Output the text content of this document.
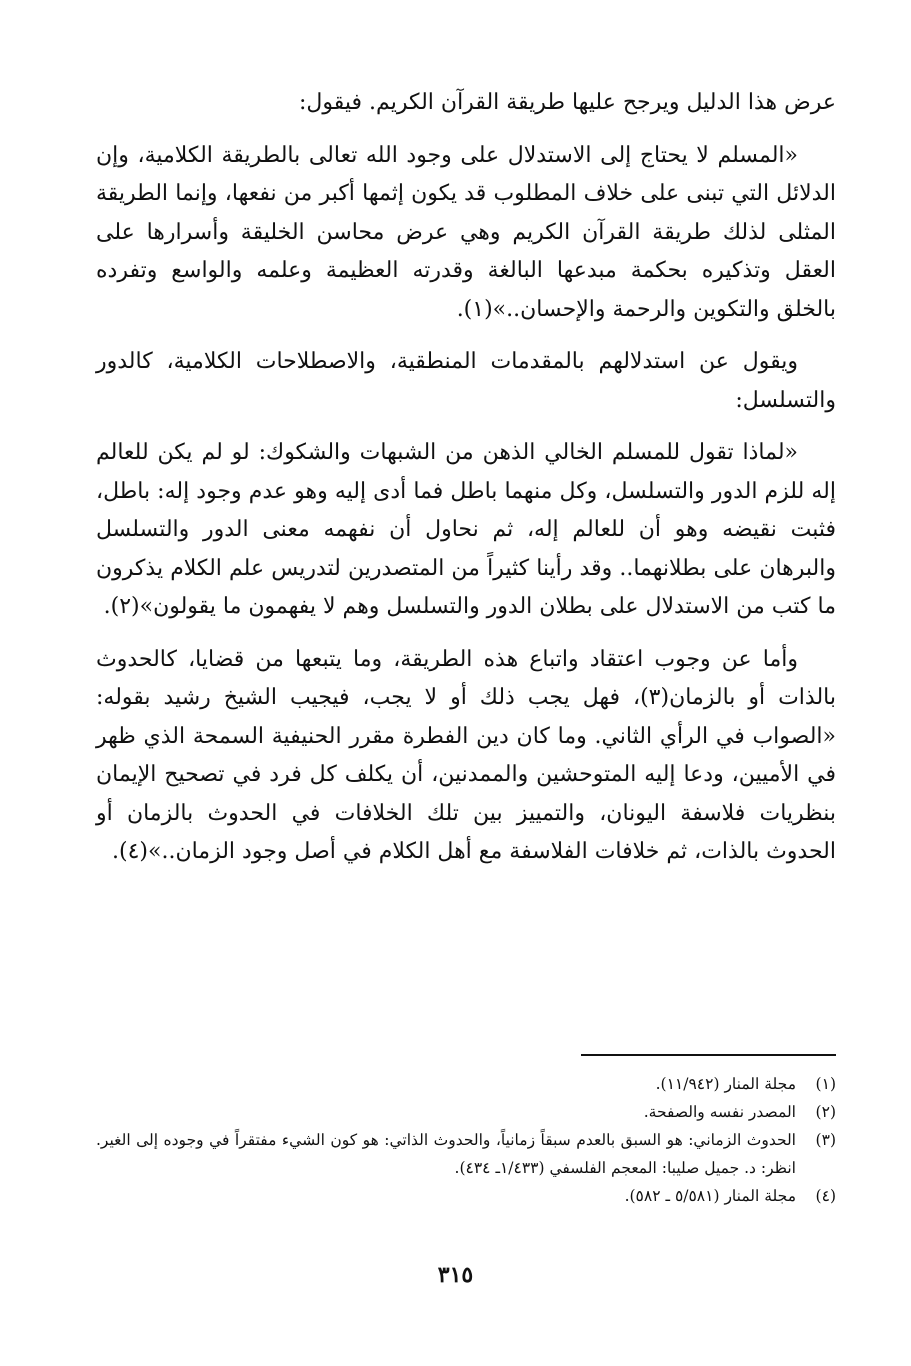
عرض هذا الدليل ويرجح عليها طريقة القرآن الكريم. فيقول:

«المسلم لا يحتاج إلى الاستدلال على وجود الله تعالى بالطريقة الكلامية، وإن الدلائل التي تبنى على خلاف المطلوب قد يكون إثمها أكبر من نفعها، وإنما الطريقة المثلى لذلك طريقة القرآن الكريم وهي عرض محاسن الخليقة وأسرارها على العقل وتذكيره بحكمة مبدعها البالغة وقدرته العظيمة وعلمه والواسع وتفرده بالخلق والتكوين والرحمة والإحسان..»(١).

ويقول عن استدلالهم بالمقدمات المنطقية، والاصطلاحات الكلامية، كالدور والتسلسل:

«لماذا تقول للمسلم الخالي الذهن من الشبهات والشكوك: لو لم يكن للعالم إله للزم الدور والتسلسل، وكل منهما باطل فما أدى إليه وهو عدم وجود إله: باطل، فثبت نقيضه وهو أن للعالم إله، ثم نحاول أن نفهمه معنى الدور والتسلسل والبرهان على بطلانهما.. وقد رأينا كثيراً من المتصدرين لتدريس علم الكلام يذكرون ما كتب من الاستدلال على بطلان الدور والتسلسل وهم لا يفهمون ما يقولون»(٢).

وأما عن وجوب اعتقاد واتباع هذه الطريقة، وما يتبعها من قضايا، كالحدوث بالذات أو بالزمان(٣)، فهل يجب ذلك أو لا يجب، فيجيب الشيخ رشيد بقوله: «الصواب في الرأي الثاني. وما كان دين الفطرة مقرر الحنيفية السمحة الذي ظهر في الأميين، ودعا إليه المتوحشين والممدنين، أن يكلف كل فرد في تصحيح الإيمان بنظريات فلاسفة اليونان، والتمييز بين تلك الخلافات في الحدوث بالزمان أو الحدوث بالذات، ثم خلافات الفلاسفة مع أهل الكلام في أصل وجود الزمان..»(٤).

(١)
مجلة المنار (١١/٩٤٢).
(٢)
المصدر نفسه والصفحة.
(٣)
الحدوث الزماني: هو السبق بالعدم سبقاً زمانياً، والحدوث الذاتي: هو كون الشيء مفتقراً في وجوده إلى الغير. انظر: د. جميل صليبا: المعجم الفلسفي (١/٤٣٣ـ ٤٣٤).
(٤)
مجلة المنار (٥/٥٨١ ـ ٥٨٢).
٣١٥
